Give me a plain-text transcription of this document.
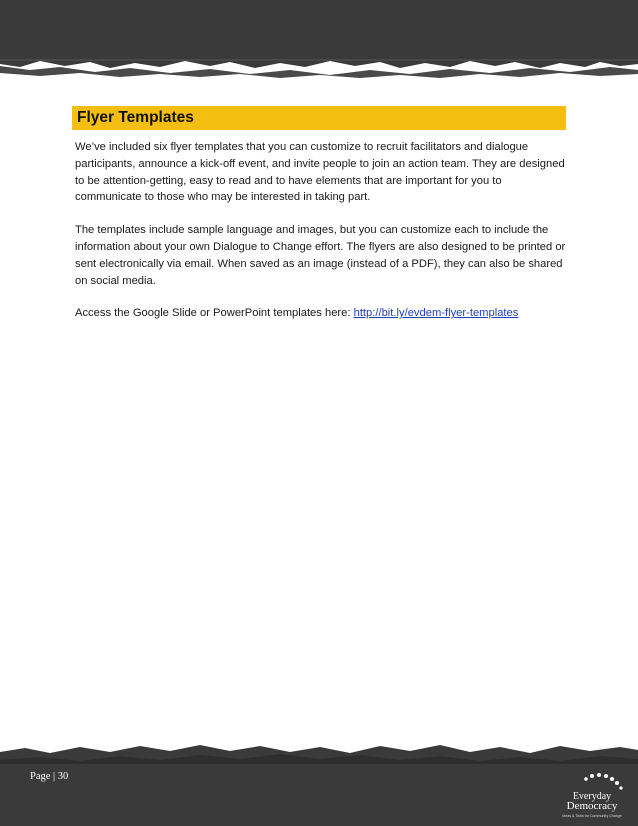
Flyer Templates

We’ve included six flyer templates that you can customize to recruit facilitators and dialogue participants, announce a kick-off event, and invite people to join an action team. They are designed to be attention-getting, easy to read and to have elements that are important for you to communicate to those who may be interested in taking part.

The templates include sample language and images, but you can customize each to include the information about your own Dialogue to Change effort. The flyers are also designed to be printed or sent electronically via email. When saved as an image (instead of a PDF), they can also be shared on social media.

Access the Google Slide or PowerPoint templates here: http://bit.ly/evdem-flyer-templates

Page | 30
Everyday
Democracy
Ideas & Tools for Community Change
